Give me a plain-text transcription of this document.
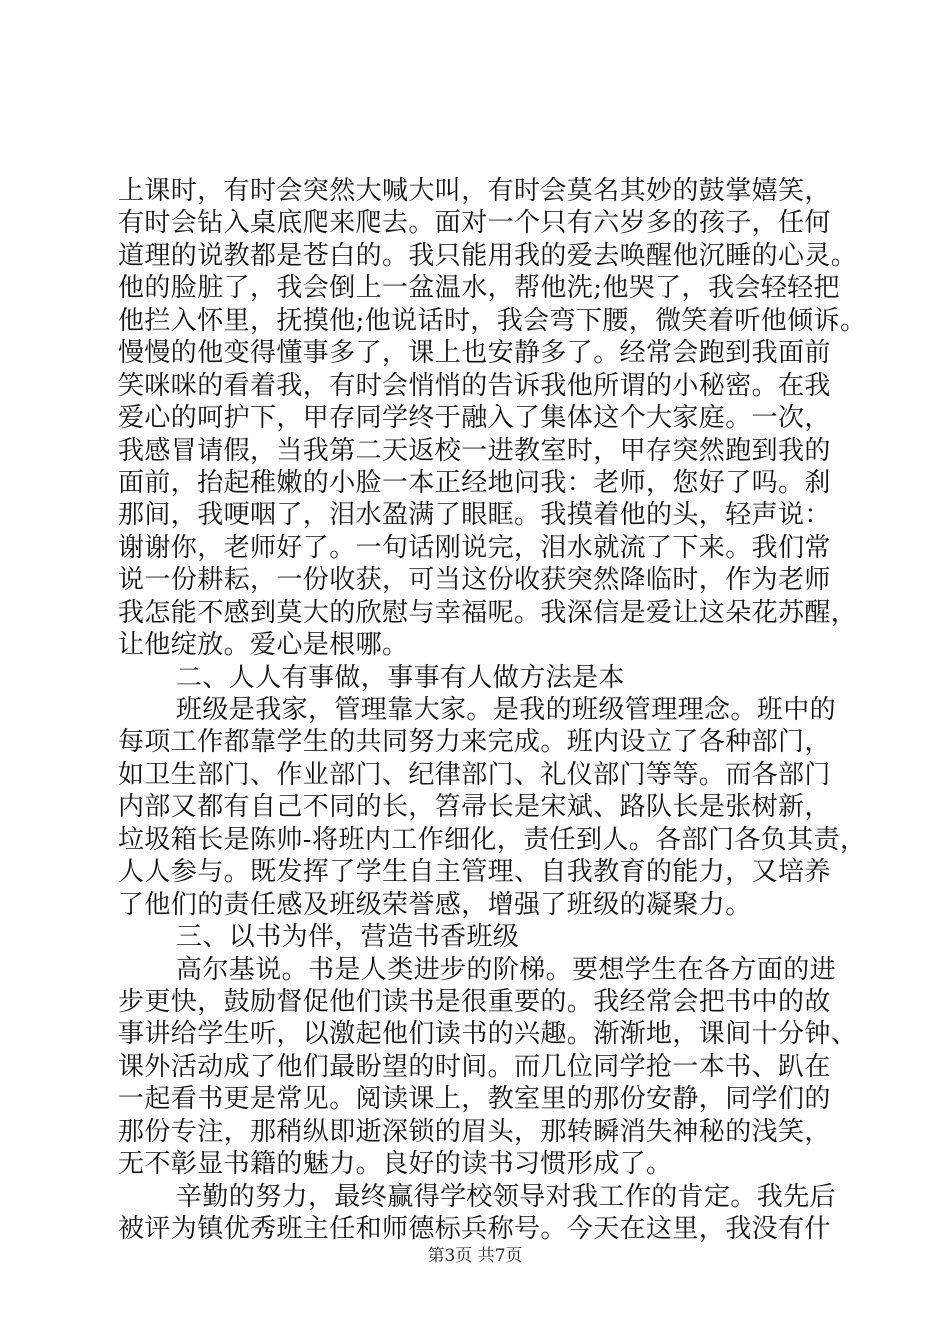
上课时，有时会突然大喊大叫，有时会莫名其妙的鼓掌嬉笑，
有时会钻入桌底爬来爬去。面对一个只有六岁多的孩子，任何
道理的说教都是苍白的。我只能用我的爱去唤醒他沉睡的心灵。
他的脸脏了，我会倒上一盆温水，帮他洗;他哭了，我会轻轻把
他拦入怀里，抚摸他;他说话时，我会弯下腰，微笑着听他倾诉。
慢慢的他变得懂事多了，课上也安静多了。经常会跑到我面前
笑咪咪的看着我，有时会悄悄的告诉我他所谓的小秘密。在我
爱心的呵护下，甲存同学终于融入了集体这个大家庭。一次，
我感冒请假，当我第二天返校一进教室时，甲存突然跑到我的
面前，抬起稚嫩的小脸一本正经地问我：老师，您好了吗。刹
那间，我哽咽了，泪水盈满了眼眶。我摸着他的头，轻声说：
谢谢你，老师好了。一句话刚说完，泪水就流了下来。我们常
说一份耕耘，一份收获，可当这份收获突然降临时，作为老师
我怎能不感到莫大的欣慰与幸福呢。我深信是爱让这朵花苏醒，
让他绽放。爱心是根哪。
二、人人有事做，事事有人做方法是本
班级是我家，管理靠大家。是我的班级管理理念。班中的
每项工作都靠学生的共同努力来完成。班内设立了各种部门，
如卫生部门、作业部门、纪律部门、礼仪部门等等。而各部门
内部又都有自己不同的长，笤帚长是宋斌、路队长是张树新，
垃圾箱长是陈帅-将班内工作细化，责任到人。各部门各负其责，
人人参与。既发挥了学生自主管理、自我教育的能力，又培养
了他们的责任感及班级荣誉感，增强了班级的凝聚力。
三、以书为伴，营造书香班级
高尔基说。书是人类进步的阶梯。要想学生在各方面的进
步更快，鼓励督促他们读书是很重要的。我经常会把书中的故
事讲给学生听，以激起他们读书的兴趣。渐渐地，课间十分钟、
课外活动成了他们最盼望的时间。而几位同学抢一本书、趴在
一起看书更是常见。阅读课上，教室里的那份安静，同学们的
那份专注，那稍纵即逝深锁的眉头，那转瞬消失神秘的浅笑，
无不彰显书籍的魅力。良好的读书习惯形成了。
辛勤的努力，最终赢得学校领导对我工作的肯定。我先后
被评为镇优秀班主任和师德标兵称号。今天在这里，我没有什
第3页 共7页
